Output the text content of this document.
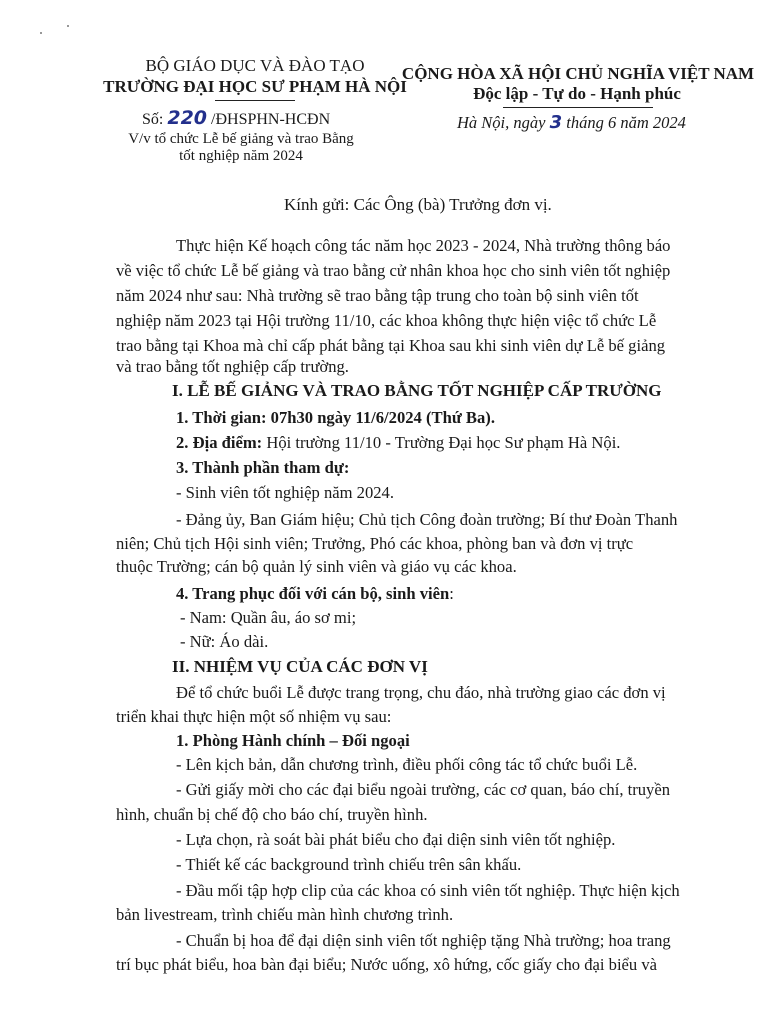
BỘ GIÁO DỤC VÀ ĐÀO TẠO
TRƯỜNG ĐẠI HỌC SƯ PHẠM HÀ NỘI
Số: 220 /ĐHSPHN-HCĐN
V/v tổ chức Lễ bế giảng và trao Bằng
tốt nghiệp năm 2024
CỘNG HÒA XÃ HỘI CHỦ NGHĨA VIỆT NAM
Độc lập - Tự do - Hạnh phúc
Hà Nội, ngày 3 tháng 6 năm 2024
Kính gửi: Các Ông (bà) Trưởng đơn vị.
Thực hiện Kế hoạch công tác năm học 2023 - 2024, Nhà trường thông báo
về việc tổ chức Lễ bế giảng và trao bằng cử nhân khoa học cho sinh viên tốt nghiệp
năm 2024 như sau: Nhà trường sẽ trao bằng tập trung cho toàn bộ sinh viên tốt
nghiệp năm 2023 tại Hội trường 11/10, các khoa không thực hiện việc tổ chức Lễ
trao bằng tại Khoa mà chỉ cấp phát bằng tại Khoa sau khi sinh viên dự Lễ bế giảng
và trao bằng tốt nghiệp cấp trường.
I. LỄ BẾ GIẢNG VÀ TRAO BẰNG TỐT NGHIỆP CẤP TRƯỜNG
1. Thời gian: 07h30 ngày 11/6/2024 (Thứ Ba).
2. Địa điểm: Hội trường 11/10 - Trường Đại học Sư phạm Hà Nội.
3. Thành phần tham dự:
- Sinh viên tốt nghiệp năm 2024.
- Đảng ủy, Ban Giám hiệu; Chủ tịch Công đoàn trường; Bí thư Đoàn Thanh
niên; Chủ tịch Hội sinh viên; Trưởng, Phó các khoa, phòng ban và đơn vị trực
thuộc Trường; cán bộ quản lý sinh viên và giáo vụ các khoa.
4. Trang phục đối với cán bộ, sinh viên:
- Nam: Quần âu, áo sơ mi;
- Nữ: Áo dài.
II. NHIỆM VỤ CỦA CÁC ĐƠN VỊ
Để tổ chức buổi Lễ được trang trọng, chu đáo, nhà trường giao các đơn vị
triển khai thực hiện một số nhiệm vụ sau:
1. Phòng Hành chính – Đối ngoại
- Lên kịch bản, dẫn chương trình, điều phối công tác tổ chức buổi Lễ.
- Gửi giấy mời cho các đại biểu ngoài trường, các cơ quan, báo chí, truyền
hình, chuẩn bị chế độ cho báo chí, truyền hình.
- Lựa chọn, rà soát bài phát biểu cho đại diện sinh viên tốt nghiệp.
- Thiết kế các background trình chiếu trên sân khấu.
- Đầu mối tập hợp clip của các khoa có sinh viên tốt nghiệp. Thực hiện kịch
bản livestream, trình chiếu màn hình chương trình.
- Chuẩn bị hoa để đại diện sinh viên tốt nghiệp tặng Nhà trường; hoa trang
trí bục phát biểu, hoa bàn đại biểu; Nước uống, xô hứng, cốc giấy cho đại biểu và
